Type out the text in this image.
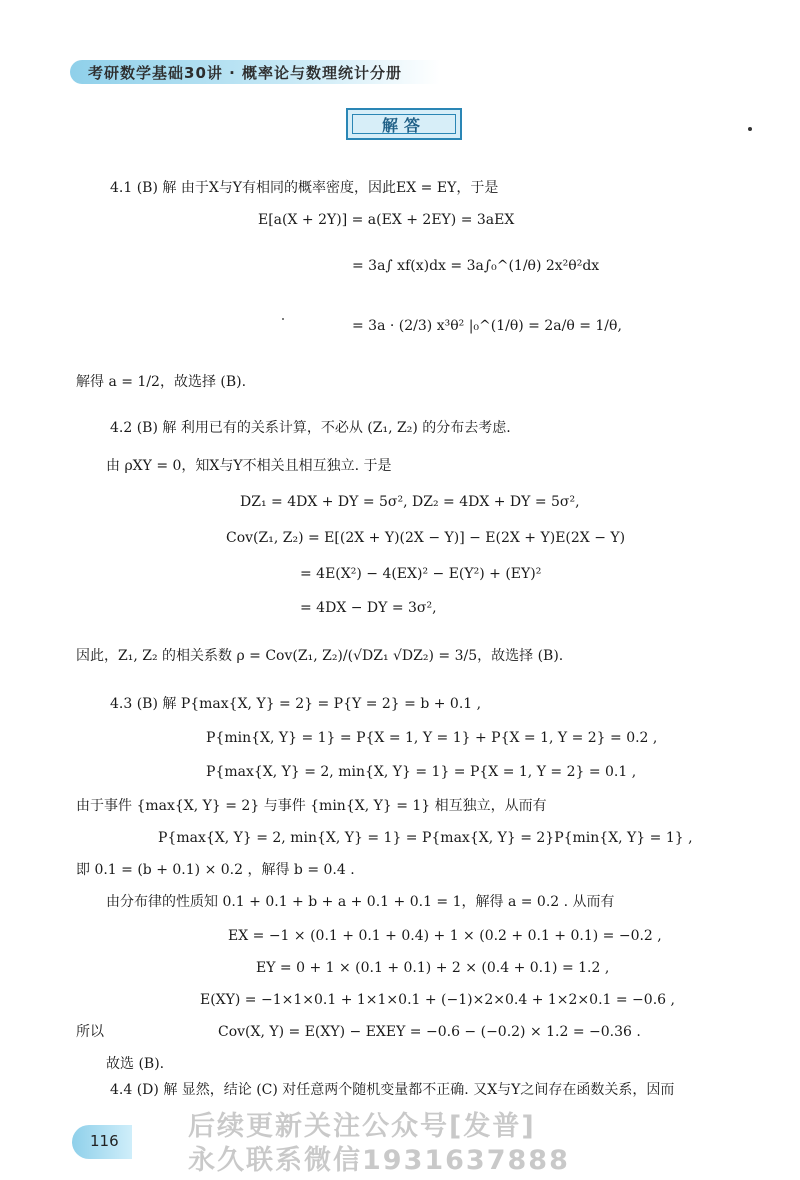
考研数学基础30讲 · 概率论与数理统计分册
解答
4.1 (B) 解 由于X与Y有相同的概率密度，因此EX = EY，于是
E[a(X + 2Y)] = a(EX + 2EY) = 3aEX
= 3a∫ xf(x)dx = 3a∫₀^(1/θ) 2x²θ²dx
= 3a · (2/3) x³θ² |₀^(1/θ) = 2a/θ = 1/θ,
解得 a = 1/2，故选择 (B).
4.2 (B) 解 利用已有的关系计算，不必从 (Z₁, Z₂) 的分布去考虑.
由 ρXY = 0，知X与Y不相关且相互独立. 于是
DZ₁ = 4DX + DY = 5σ², DZ₂ = 4DX + DY = 5σ²,
Cov(Z₁, Z₂) = E[(2X + Y)(2X − Y)] − E(2X + Y)E(2X − Y)
= 4E(X²) − 4(EX)² − E(Y²) + (EY)²
= 4DX − DY = 3σ²,
因此，Z₁, Z₂ 的相关系数 ρ = Cov(Z₁, Z₂)/(√DZ₁ √DZ₂) = 3/5，故选择 (B).
4.3 (B) 解 P{max{X, Y} = 2} = P{Y = 2} = b + 0.1 ,
P{min{X, Y} = 1} = P{X = 1, Y = 1} + P{X = 1, Y = 2} = 0.2 ,
P{max{X, Y} = 2, min{X, Y} = 1} = P{X = 1, Y = 2} = 0.1 ,
由于事件 {max{X, Y} = 2} 与事件 {min{X, Y} = 1} 相互独立，从而有
P{max{X, Y} = 2, min{X, Y} = 1} = P{max{X, Y} = 2}P{min{X, Y} = 1} ,
即 0.1 = (b + 0.1) × 0.2 ，解得 b = 0.4 .
由分布律的性质知 0.1 + 0.1 + b + a + 0.1 + 0.1 = 1，解得 a = 0.2 . 从而有
EX = −1 × (0.1 + 0.1 + 0.4) + 1 × (0.2 + 0.1 + 0.1) = −0.2 ,
EY = 0 + 1 × (0.1 + 0.1) + 2 × (0.4 + 0.1) = 1.2 ,
E(XY) = −1×1×0.1 + 1×1×0.1 + (−1)×2×0.4 + 1×2×0.1 = −0.6 ,
所以	Cov(X, Y) = E(XY) − EXEY = −0.6 − (−0.2) × 1.2 = −0.36 .
故选 (B).
4.4 (D) 解 显然，结论 (C) 对任意两个随机变量都不正确. 又X与Y之间存在函数关系，因而
116	后续更新关注公众号[发普]
永久联系微信1931637888
